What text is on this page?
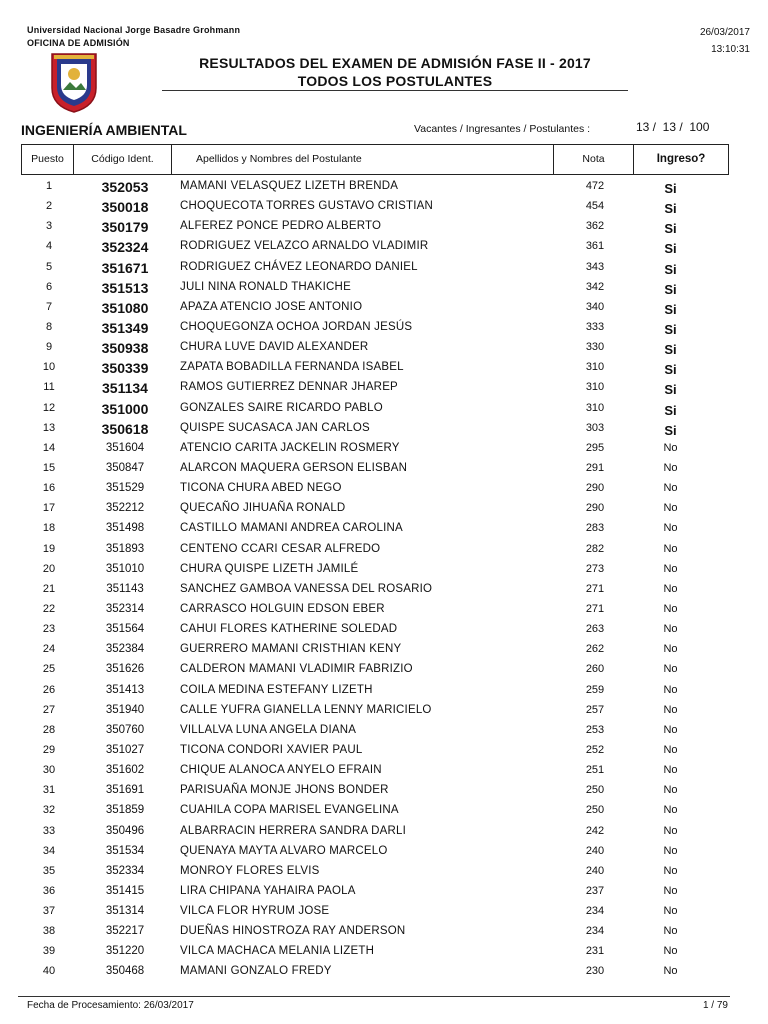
Universidad Nacional Jorge Basadre Grohmann
OFICINA DE ADMISIÓN
26/03/2017
13:10:31
RESULTADOS DEL EXAMEN DE ADMISIÓN FASE II - 2017
TODOS LOS POSTULANTES
INGENIERÍA AMBIENTAL	Vacantes / Ingresantes / Postulantes :	13 /  13 /  100
Puesto	Código Ident.	Apellidos y Nombres del Postulante	Nota	Ingreso?
1	352053	MAMANI VELASQUEZ LIZETH BRENDA	472	Si
2	350018	CHOQUECOTA TORRES GUSTAVO CRISTIAN	454	Si
3	350179	ALFEREZ PONCE PEDRO ALBERTO	362	Si
4	352324	RODRIGUEZ VELAZCO ARNALDO VLADIMIR	361	Si
5	351671	RODRIGUEZ CHÁVEZ LEONARDO DANIEL	343	Si
6	351513	JULI NINA RONALD THAKICHE	342	Si
7	351080	APAZA ATENCIO JOSE ANTONIO	340	Si
8	351349	CHOQUEGONZA OCHOA JORDAN JESÚS	333	Si
9	350938	CHURA LUVE DAVID ALEXANDER	330	Si
10	350339	ZAPATA BOBADILLA FERNANDA ISABEL	310	Si
11	351134	RAMOS GUTIERREZ DENNAR JHAREP	310	Si
12	351000	GONZALES SAIRE RICARDO PABLO	310	Si
13	350618	QUISPE SUCASACA JAN CARLOS	303	Si
14	351604	ATENCIO CARITA JACKELIN ROSMERY	295	No
15	350847	ALARCON MAQUERA GERSON ELISBAN	291	No
16	351529	TICONA CHURA ABED NEGO	290	No
17	352212	QUECAÑO JIHUAÑA RONALD	290	No
18	351498	CASTILLO MAMANI ANDREA CAROLINA	283	No
19	351893	CENTENO CCARI CESAR ALFREDO	282	No
20	351010	CHURA QUISPE LIZETH JAMILÉ	273	No
21	351143	SANCHEZ GAMBOA VANESSA DEL ROSARIO	271	No
22	352314	CARRASCO HOLGUIN EDSON EBER	271	No
23	351564	CAHUI FLORES KATHERINE SOLEDAD	263	No
24	352384	GUERRERO MAMANI CRISTHIAN KENY	262	No
25	351626	CALDERON MAMANI VLADIMIR FABRIZIO	260	No
26	351413	COILA MEDINA ESTEFANY LIZETH	259	No
27	351940	CALLE YUFRA GIANELLA LENNY MARICIELO	257	No
28	350760	VILLALVA LUNA ANGELA DIANA	253	No
29	351027	TICONA CONDORI XAVIER PAUL	252	No
30	351602	CHIQUE ALANOCA ANYELO EFRAIN	251	No
31	351691	PARISUAÑA MONJE JHONS BONDER	250	No
32	351859	CUAHILA COPA MARISEL EVANGELINA	250	No
33	350496	ALBARRACIN HERRERA SANDRA DARLI	242	No
34	351534	QUENAYA MAYTA ALVARO MARCELO	240	No
35	352334	MONROY FLORES ELVIS	240	No
36	351415	LIRA CHIPANA YAHAIRA PAOLA	237	No
37	351314	VILCA FLOR HYRUM JOSE	234	No
38	352217	DUEÑAS HINOSTROZA RAY ANDERSON	234	No
39	351220	VILCA MACHACA MELANIA LIZETH	231	No
40	350468	MAMANI GONZALO FREDY	230	No
Fecha de Procesamiento: 26/03/2017	1 / 79
